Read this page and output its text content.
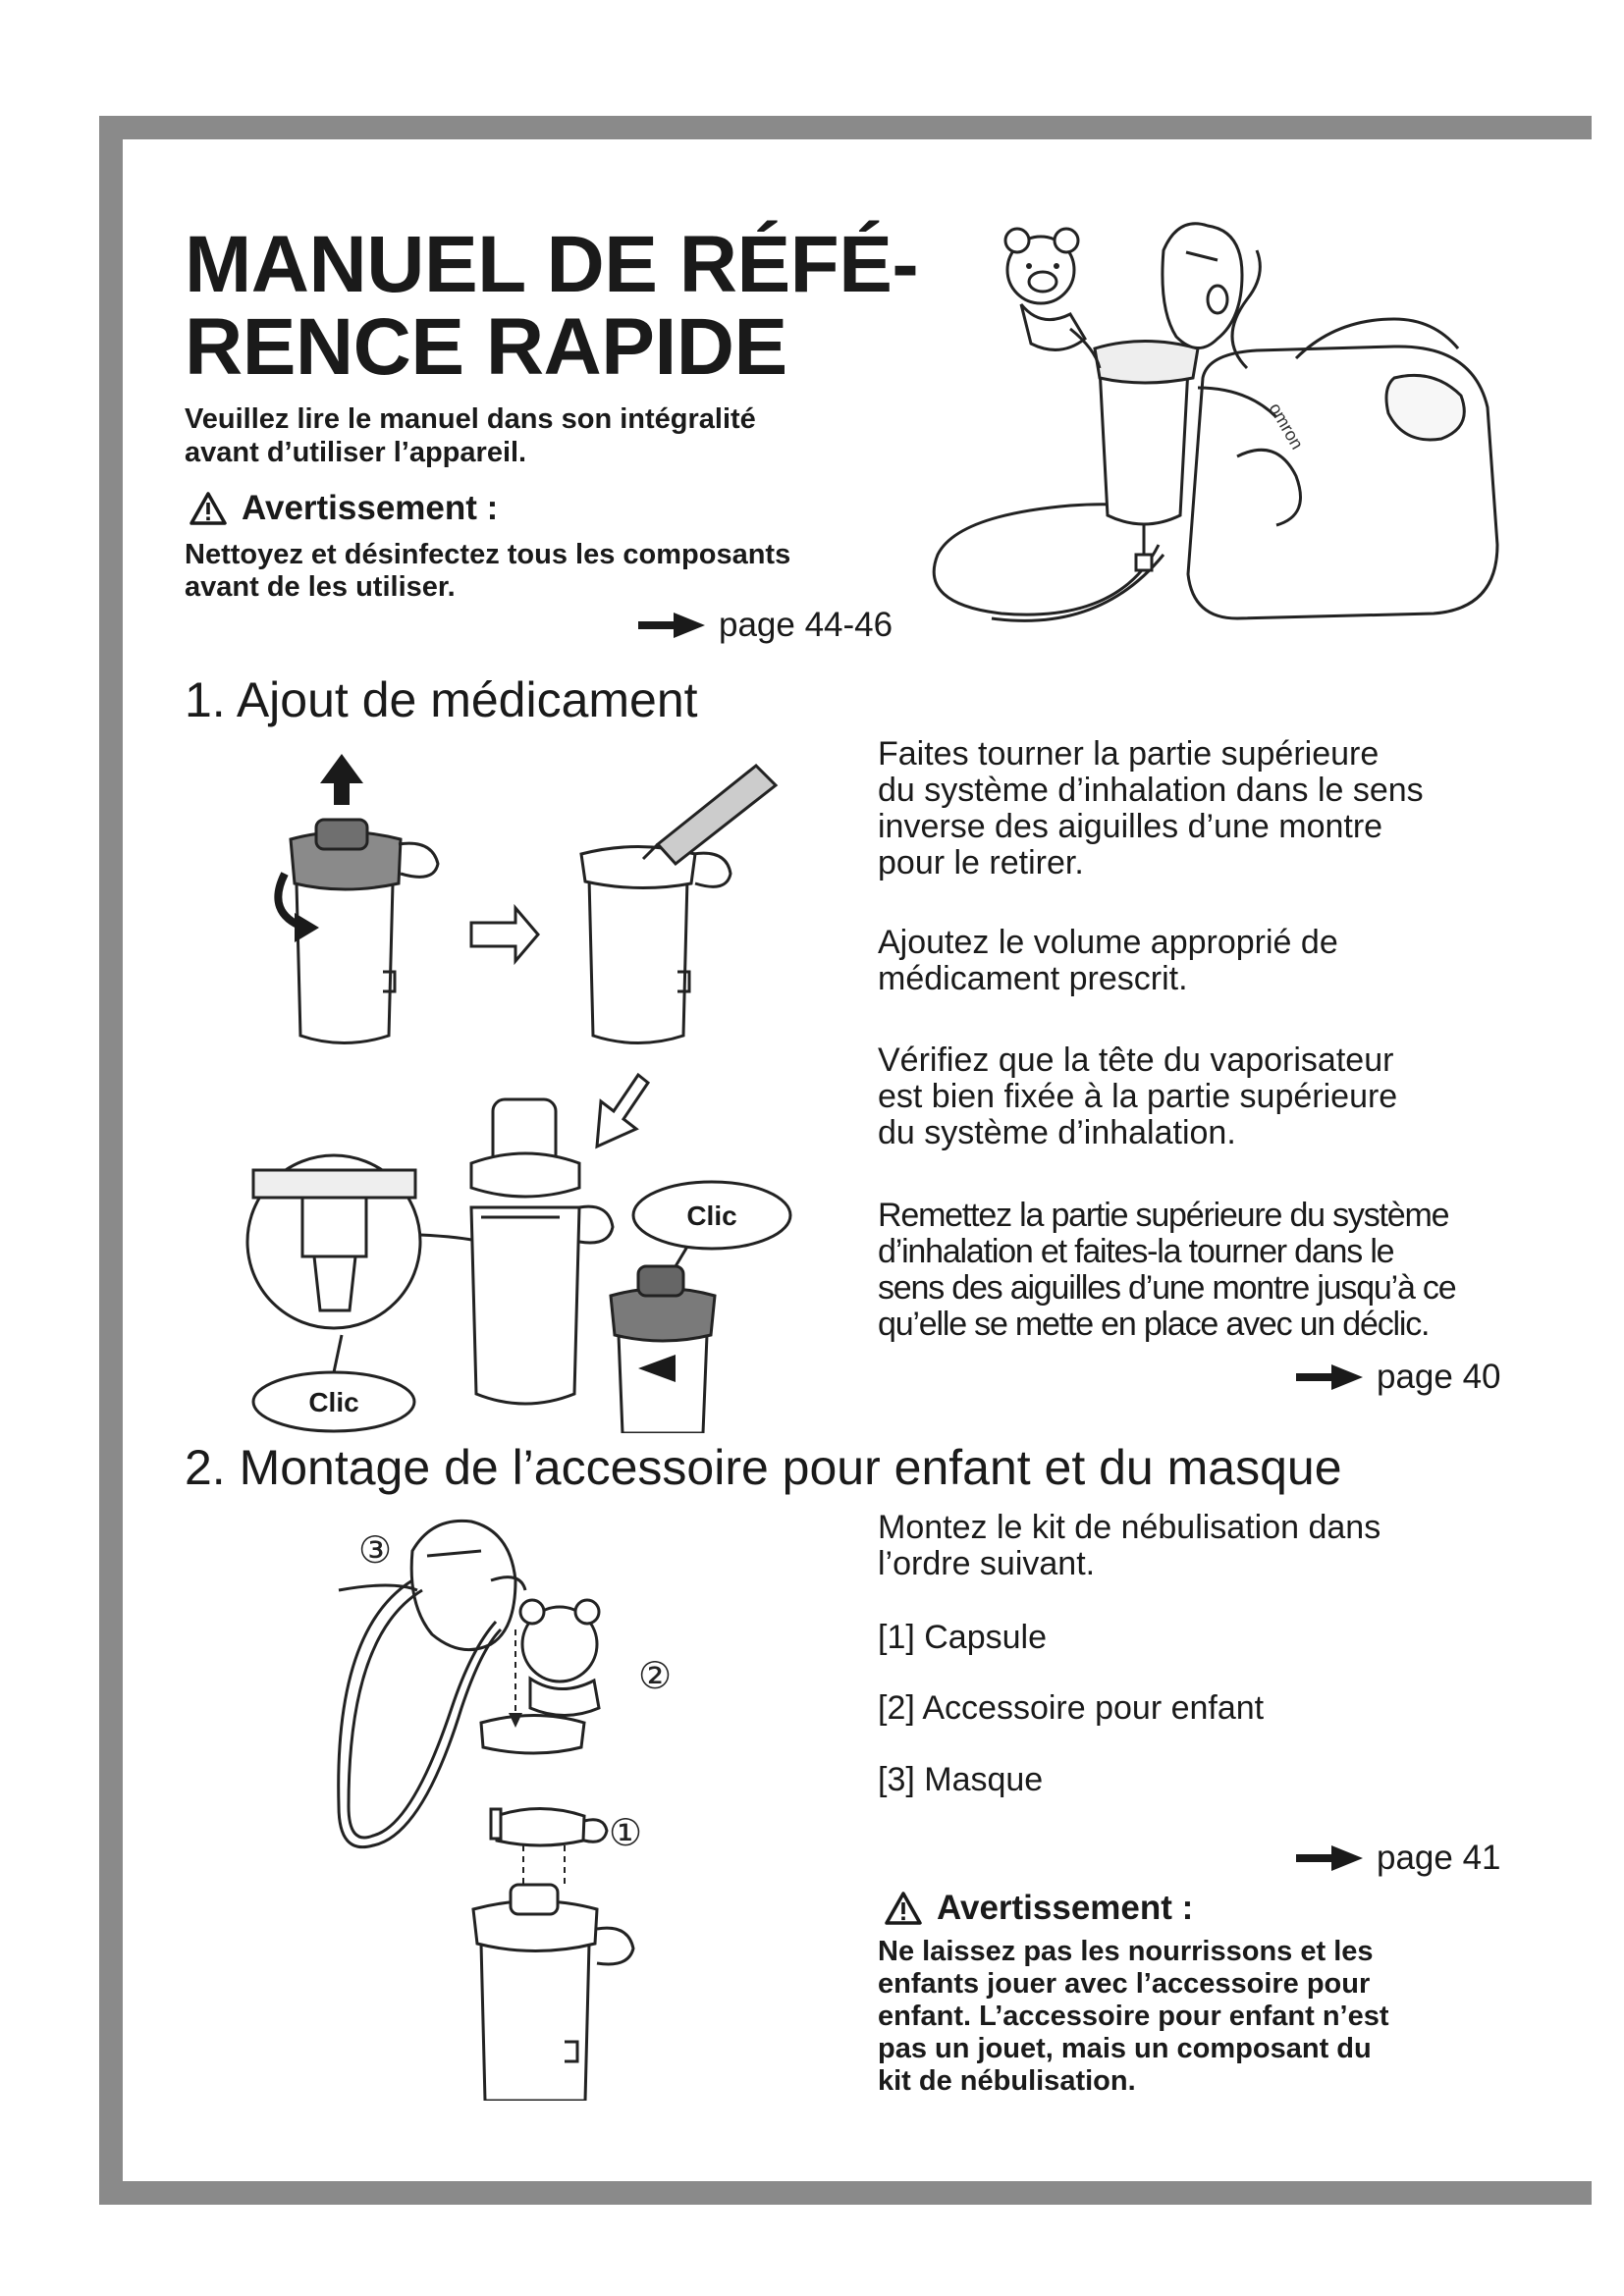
MANUEL DE RÉFÉ-
RENCE RAPIDE
Veuillez lire le manuel dans son intégralité
avant d’utiliser l’appareil.
Avertissement :
Nettoyez et désinfectez tous les composants
avant de les utiliser.
page 44-46
omron
1. Ajout de médicament
Faites tourner la partie supérieure
du système d’inhalation dans le sens
inverse des aiguilles d’une montre
pour le retirer.
Ajoutez le volume approprié de
médicament prescrit.
Vérifiez que la tête du vaporisateur
est bien fixée à la partie supérieure
du système d’inhalation.
Remettez la partie supérieure du système
d’inhalation et faites-la tourner dans le
sens des aiguilles d’une montre jusqu’à ce
qu’elle se mette en place avec un déclic.
page 40
Clic
Clic
2. Montage de l’accessoire pour enfant et du masque
Montez le kit de nébulisation dans
l’ordre suivant.
[1] Capsule
[2] Accessoire pour enfant
[3] Masque
page 41
Avertissement :
Ne laissez pas les nourrissons et les
enfants jouer avec l’accessoire pour
enfant. L’accessoire pour enfant n’est
pas un jouet, mais un composant du
kit de nébulisation.
③
②
①
